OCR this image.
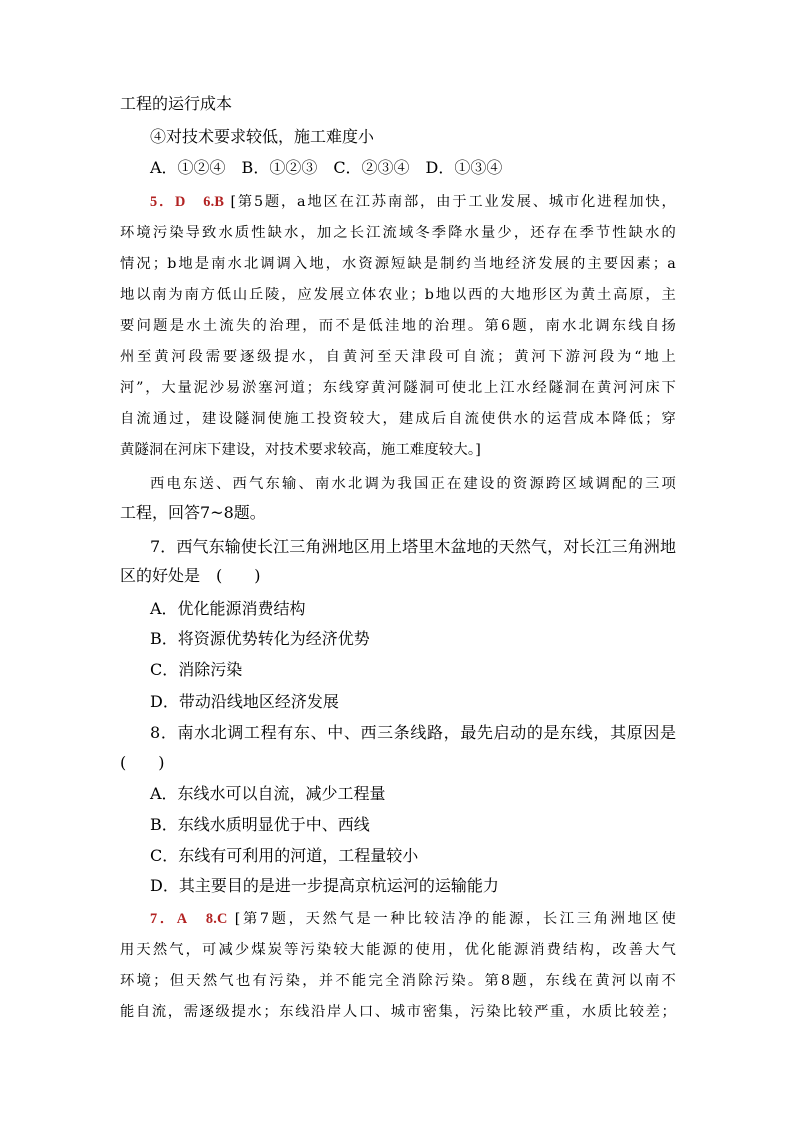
工程的运行成本
④对技术要求较低，施工难度小
A．①②④　B．①②③　C．②③④　D．①③④
5．D　6.B [第5题，a地区在江苏南部，由于工业发展、城市化进程加快，
环境污染导致水质性缺水，加之长江流域冬季降水量少，还存在季节性缺水的
情况；b地是南水北调调入地，水资源短缺是制约当地经济发展的主要因素；a
地以南为南方低山丘陵，应发展立体农业；b地以西的大地形区为黄土高原，主
要问题是水土流失的治理，而不是低洼地的治理。第6题，南水北调东线自扬
州至黄河段需要逐级提水，自黄河至天津段可自流；黄河下游河段为“地上
河”，大量泥沙易淤塞河道；东线穿黄河隧洞可使北上江水经隧洞在黄河河床下
自流通过，建设隧洞使施工投资较大，建成后自流使供水的运营成本降低；穿
黄隧洞在河床下建设，对技术要求较高，施工难度较大。]
西电东送、西气东输、南水北调为我国正在建设的资源跨区域调配的三项
工程，回答7~8题。
7．西气东输使长江三角洲地区用上塔里木盆地的天然气，对长江三角洲地
区的好处是　(　　)
A．优化能源消费结构
B．将资源优势转化为经济优势
C．消除污染
D．带动沿线地区经济发展
8．南水北调工程有东、中、西三条线路，最先启动的是东线，其原因是
(　　)
A．东线水可以自流，减少工程量
B．东线水质明显优于中、西线
C．东线有可利用的河道，工程量较小
D．其主要目的是进一步提高京杭运河的运输能力
7．A　8.C [第7题，天然气是一种比较洁净的能源，长江三角洲地区使
用天然气，可减少煤炭等污染较大能源的使用，优化能源消费结构，改善大气
环境；但天然气也有污染，并不能完全消除污染。第8题，东线在黄河以南不
能自流，需逐级提水；东线沿岸人口、城市密集，污染比较严重，水质比较差；
